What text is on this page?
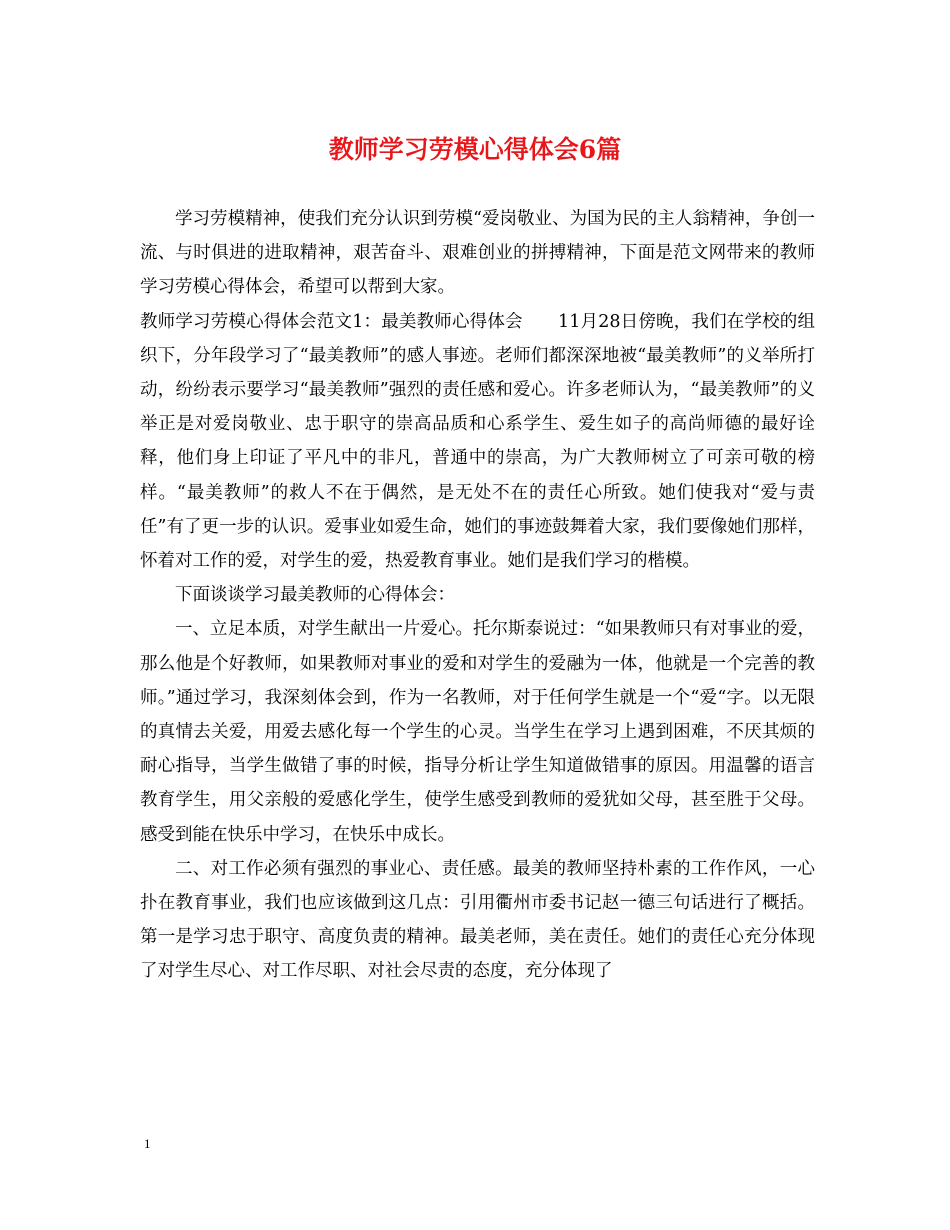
教师学习劳模心得体会6篇

学习劳模精神，使我们充分认识到劳模“爱岗敬业、为国为民的主人翁精神，争创一流、与时俱进的进取精神，艰苦奋斗、艰难创业的拼搏精神，下面是范文网带来的教师学习劳模心得体会，希望可以帮到大家。

教师学习劳模心得体会范文1：最美教师心得体会　　11月28日傍晚，我们在学校的组织下，分年段学习了“最美教师”的感人事迹。老师们都深深地被“最美教师”的义举所打动，纷纷表示要学习“最美教师”强烈的责任感和爱心。许多老师认为，“最美教师”的义举正是对爱岗敬业、忠于职守的崇高品质和心系学生、爱生如子的高尚师德的最好诠释，他们身上印证了平凡中的非凡，普通中的崇高，为广大教师树立了可亲可敬的榜样。“最美教师”的救人不在于偶然，是无处不在的责任心所致。她们使我对“爱与责任”有了更一步的认识。爱事业如爱生命，她们的事迹鼓舞着大家，我们要像她们那样，怀着对工作的爱，对学生的爱，热爱教育事业。她们是我们学习的楷模。

下面谈谈学习最美教师的心得体会：

一、立足本质，对学生献出一片爱心。托尔斯泰说过：“如果教师只有对事业的爱，那么他是个好教师，如果教师对事业的爱和对学生的爱融为一体，他就是一个完善的教师。”通过学习，我深刻体会到，作为一名教师，对于任何学生就是一个“爱“字。以无限的真情去关爱，用爱去感化每一个学生的心灵。当学生在学习上遇到困难，不厌其烦的耐心指导，当学生做错了事的时候，指导分析让学生知道做错事的原因。用温馨的语言教育学生，用父亲般的爱感化学生，使学生感受到教师的爱犹如父母，甚至胜于父母。感受到能在快乐中学习，在快乐中成长。

二、对工作必须有强烈的事业心、责任感。最美的教师坚持朴素的工作作风，一心扑在教育事业，我们也应该做到这几点：引用衢州市委书记赵一德三句话进行了概括。第一是学习忠于职守、高度负责的精神。最美老师，美在责任。她们的责任心充分体现了对学生尽心、对工作尽职、对社会尽责的态度，充分体现了

1
